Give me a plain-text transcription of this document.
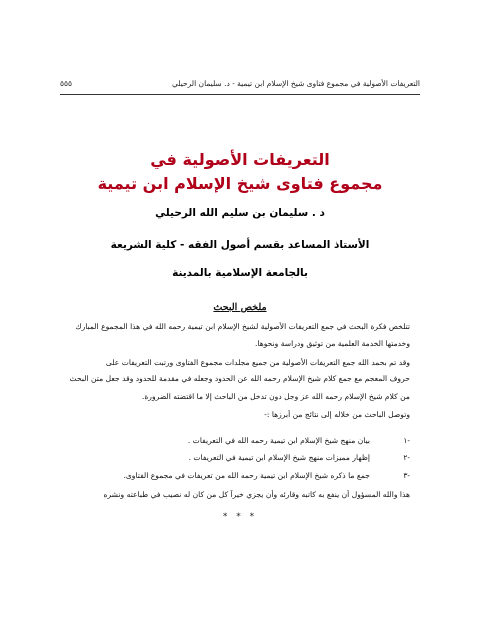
التعريفات الأصولية في مجموع فتاوى شيخ الإسلام ابن تيمية - د. سليمان الرحيلي
٥٥٥
التعريفات الأصولية في
مجموع فتاوى شيخ الإسلام ابن تيمية
د . سليمان بن سليم الله الرحيلي
الأستاذ المساعد بقسم أصول الفقه - كلية الشريعة
بالجامعة الإسلامية بالمدينة
ملخص البحث
تتلخص فكرة البحث في جمع التعريفات الأصولية لشيخ الإسلام ابن تيمية رحمه الله في هذا المجموع المبارك
وخدمتها الخدمة العلمية من توثيق ودراسة ونحوها.
وقد تم بحمد الله جمع التعريفات الأصولية من جميع مجلدات مجموع الفتاوى ورتبت التعريفات على
حروف المعجم مع جمع كلام شيخ الإسلام رحمه الله عن الحدود وجعله في مقدمة للحدود وقد جعل متن البحث
من كلام شيخ الإسلام رحمه الله عز وجل دون تدخل من الباحث إلا ما اقتضته الضرورة.
وتوصل الباحث من خلاله إلى نتائج من أبرزها :-
١-بيان منهج شيخ الإسلام ابن تيمية رحمه الله في التعريفات .
٢-إظهار مميزات منهج شيخ الإسلام ابن تيمية في التعريفات .
٣-جمع ما ذكره شيخ الإسلام ابن تيمية رحمه الله من تعريفات في مجموع الفتاوى.
هذا والله المسؤول أن ينفع به كاتبه وقارئه وأن يجزي خيراً كل من كان له نصيب في طباعته ونشره
* * *
